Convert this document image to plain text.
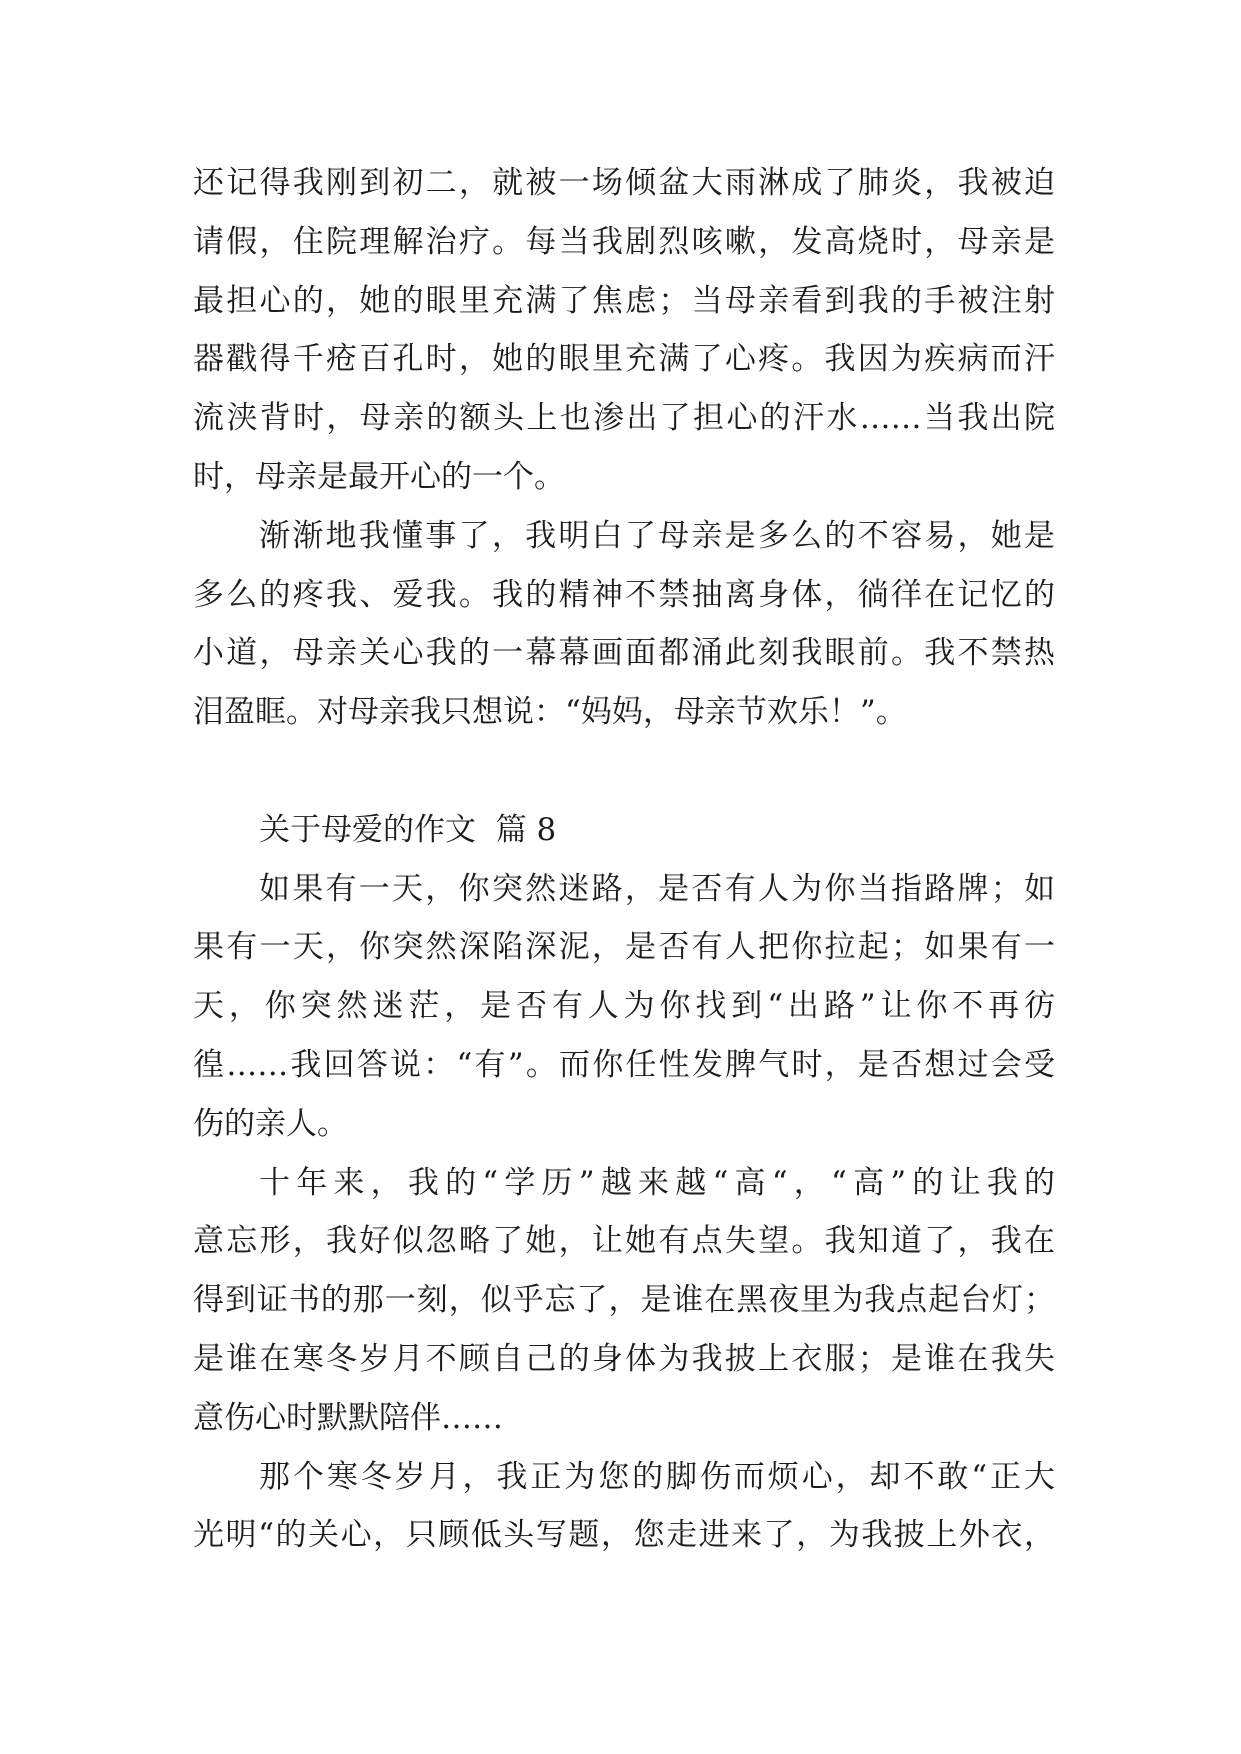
还记得我刚到初二，就被一场倾盆大雨淋成了肺炎，我被迫
请假，住院理解治疗。每当我剧烈咳嗽，发高烧时，母亲是
最担心的，她的眼里充满了焦虑；当母亲看到我的手被注射
器戳得千疮百孔时，她的眼里充满了心疼。我因为疾病而汗
流浃背时，母亲的额头上也渗出了担心的汗水……当我出院
时，母亲是最开心的一个。
渐渐地我懂事了，我明白了母亲是多么的不容易，她是
多么的疼我、爱我。我的精神不禁抽离身体，徜徉在记忆的
小道，母亲关心我的一幕幕画面都涌此刻我眼前。我不禁热
泪盈眶。对母亲我只想说：“妈妈，母亲节欢乐！”。
关于母爱的作文  篇 8
如果有一天，你突然迷路，是否有人为你当指路牌；如
果有一天，你突然深陷深泥，是否有人把你拉起；如果有一
天，你突然迷茫，是否有人为你找到“出路”让你不再彷
徨……我回答说：“有”。而你任性发脾气时，是否想过会受
伤的亲人。
十年来，我的“学历”越来越“高“，“高”的让我的
意忘形，我好似忽略了她，让她有点失望。我知道了，我在
得到证书的那一刻，似乎忘了，是谁在黑夜里为我点起台灯；
是谁在寒冬岁月不顾自己的身体为我披上衣服；是谁在我失
意伤心时默默陪伴……
那个寒冬岁月，我正为您的脚伤而烦心，却不敢“正大
光明“的关心，只顾低头写题，您走进来了，为我披上外衣，
